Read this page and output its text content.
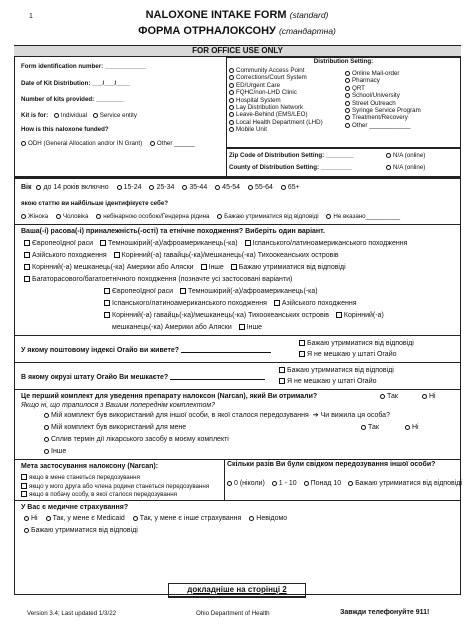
1	NALOXONE INTAKE FORM (standard)
ФОРМА ОТРНАЛОКСОНУ (стандартна)
FOR OFFICE USE ONLY
Form identification number: ____________
Date of Kit Distribution: ___/___/____
Number of kits provided: ________
Kit is for: Individual Service entity
How is this naloxone funded?
ODH (General Allocation and/or IN Grant) Other ______
Distribution Setting:
Community Access Point
Corrections/Court System
ED/Urgent Care
FQHC/non-LHD Clinic
Hospital System
Lay Distribution Network
Leave-Behind (EMS/LEO)
Local Health Department (LHD)
Mobile Unit
Online Mail-order
Pharmacy
QRT
School/University
Street Outreach
Syringe Service Program
Treatment/Recovery
Other ____________
Zip Code of Distribution Setting: ________	N/A (online)
County of Distribution Setting: _________	N/A (online)
Вік до 14 років включно 15-24 25-34 35-44 45-54 55-64 65+
якою статтю ви найбільше ідентифікуєте себе?
Жінока Чоловіка небінарною особою/Гендерна рідина Бажаю утримиатися від відповіді Не вказано__________
Ваша(-і) расова(-і) приналежність(-ості) та етнічне походження? Виберіть один варіант.
Європеоїдної раси Темношкірий(-а)/афроамериканець(-ка) Іспанського/латиноамериканського походження
Азійського походження Корінний(-а) гавайць(-ка)/мешканець(-ка) Тихоокеанських островів
Корінний(-а) мешканець(-ка) Америки або Аляски Інше Бажаю утримиатися від відповіді
Багаторасового/багатоетнічного походження (позначте усі застосовані варіанти)
Європеоїдної раси Темношкірий(-а)/афроамериканець(-ка)
Іспанського/латиноамериканського походження Азійського походження
Корінний(-а) гавайць(-ка)/мешканець(-ка) Тихоокеанських островів Корінний(-а)
мешканець(-ка) Америки або Аляски Інше
У якому поштовому індексі Огайо ви живете?
Бажаю утримиатися від відповіді
Я не мешкаю у штаті Огайо
В якому окрузі штату Огайо Ви мешкаєте?
Бажаю утримиатися від відповіді
Я не мешкаю у штаті Огайо
Це перший комплект для уведення препарату налоксон (Narcan), який Ви отримали?	Так	Ні
Якщо ні, що трапилося з Вашим попереднім комплектом?
Мій комплект був використаний для іншої особи, в якої сталося передозування ➔ Чи вижила ця особа?
Мій комплект був використаний для мене
Сплив термін дії лікарського засобу в моєму комплекті
Інше
Так	Ні
Мета застосування налоксону (Narcan):
якщо в мене станеться передозування
якщо у мого друга або члена родини станеться передозування
якщо в побачу особу, в якої сталося передозування
Скільки разів Ви були свідком передозування іншої особи?
0 (ніколи) 1 - 10 Понад 10 Бажаю утримиатися від відповіді
У Вас є медичне страхування?
Ні Так, у мене є Medicaid Так, у мене є інше страхування Невідомо
Бажаю утримиатися від відповіді
докладніше на сторінці 2
Version 3.4; Last updated 1/3/22	Ohio Department of Health	Завжди телефонуйте 911!
